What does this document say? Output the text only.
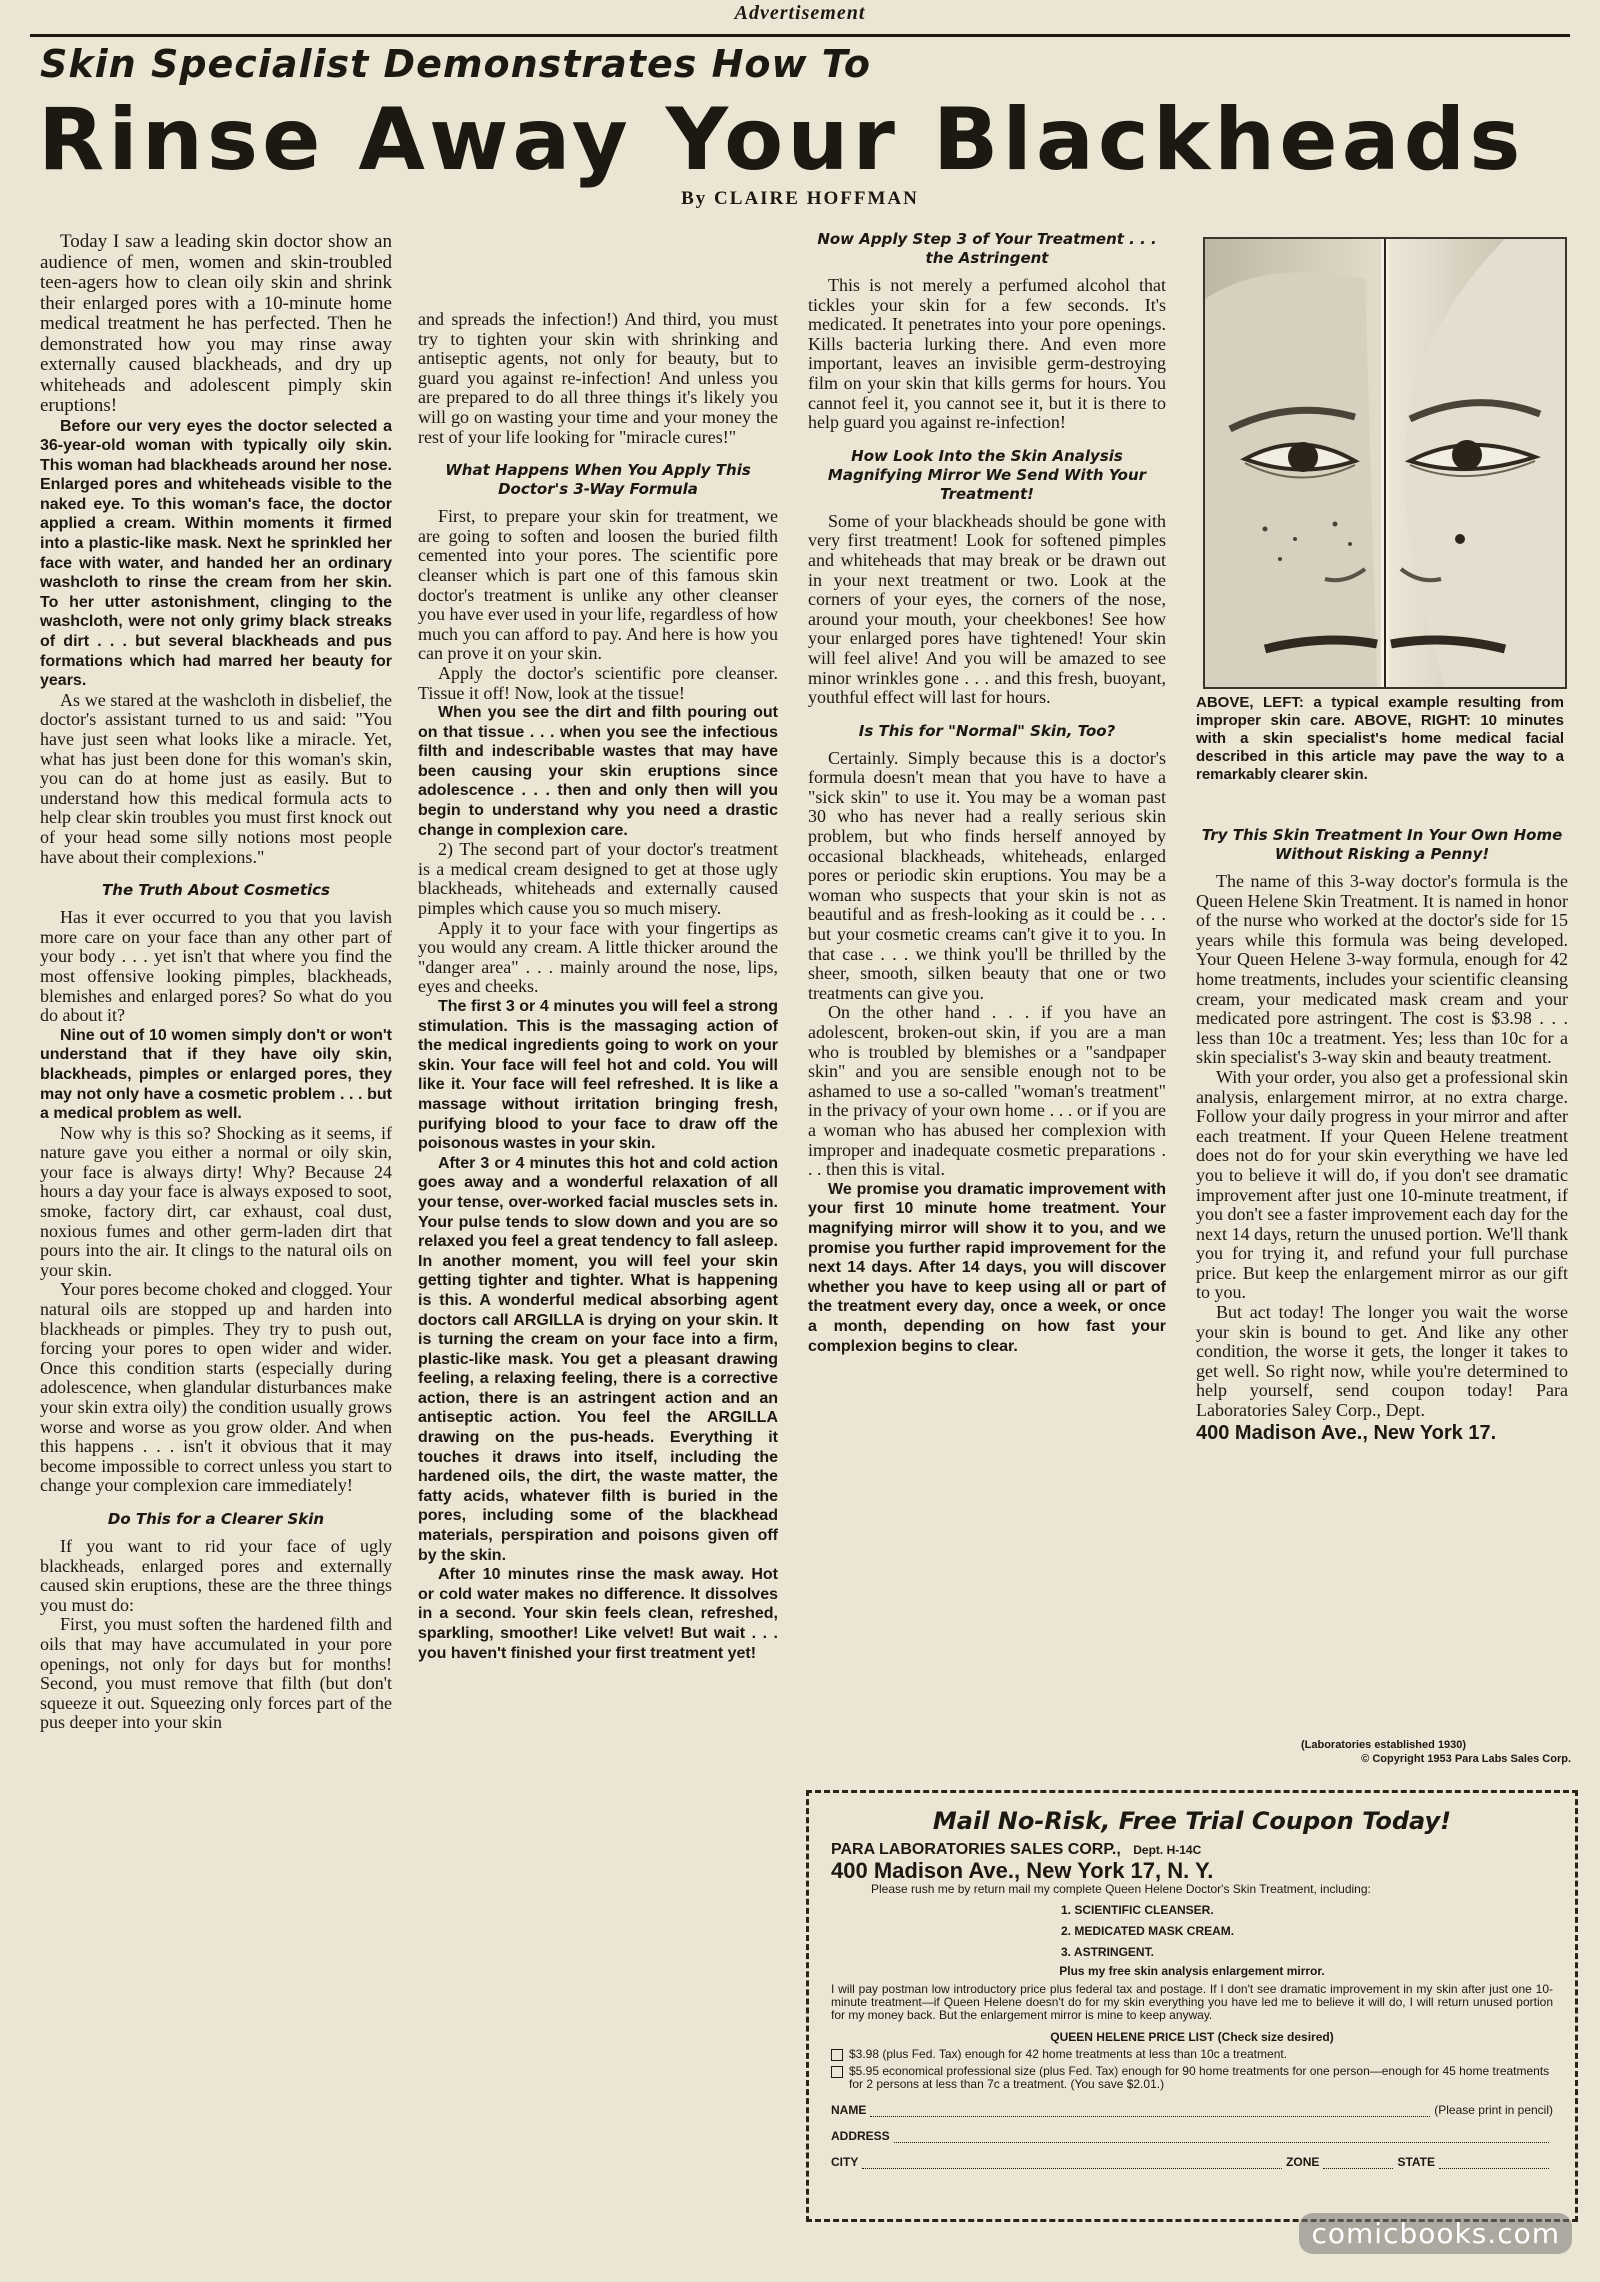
Advertisement
Skin Specialist Demonstrates How To
Rinse Away Your Blackheads
By CLAIRE HOFFMAN

Today I saw a leading skin doctor show an audience of men, women and skin-troubled teen-agers how to clean oily skin and shrink their enlarged pores with a 10-minute home medical treatment he has perfected. Then he demonstrated how you may rinse away externally caused blackheads, and dry up whiteheads and adolescent pimply skin eruptions!

Before our very eyes the doctor selected a 36-year-old woman with typically oily skin. This woman had blackheads around her nose. Enlarged pores and whiteheads visible to the naked eye. To this woman's face, the doctor applied a cream. Within moments it firmed into a plastic-like mask. Next he sprinkled her face with water, and handed her an ordinary washcloth to rinse the cream from her skin. To her utter astonishment, clinging to the washcloth, were not only grimy black streaks of dirt . . . but several blackheads and pus formations which had marred her beauty for years.

As we stared at the washcloth in disbelief, the doctor's assistant turned to us and said: "You have just seen what looks like a miracle. Yet, what has just been done for this woman's skin, you can do at home just as easily. But to understand how this medical formula acts to help clear skin troubles you must first knock out of your head some silly notions most people have about their complexions."

The Truth About Cosmetics

Has it ever occurred to you that you lavish more care on your face than any other part of your body . . . yet isn't that where you find the most offensive looking pimples, blackheads, blemishes and enlarged pores? So what do you do about it?

Nine out of 10 women simply don't or won't understand that if they have oily skin, blackheads, pimples or enlarged pores, they may not only have a cosmetic problem . . . but a medical problem as well.

Now why is this so? Shocking as it seems, if nature gave you either a normal or oily skin, your face is always dirty! Why? Because 24 hours a day your face is always exposed to soot, smoke, factory dirt, car exhaust, coal dust, noxious fumes and other germ-laden dirt that pours into the air. It clings to the natural oils on your skin.

Your pores become choked and clogged. Your natural oils are stopped up and harden into blackheads or pimples. They try to push out, forcing your pores to open wider and wider. Once this condition starts (especially during adolescence, when glandular disturbances make your skin extra oily) the condition usually grows worse and worse as you grow older. And when this happens . . . isn't it obvious that it may become impossible to correct unless you start to change your complexion care immediately!

Do This for a Clearer Skin

If you want to rid your face of ugly blackheads, enlarged pores and externally caused skin eruptions, these are the three things you must do:

First, you must soften the hardened filth and oils that may have accumulated in your pore openings, not only for days but for months! Second, you must remove that filth (but don't squeeze it out. Squeezing only forces part of the pus deeper into your skin

and spreads the infection!) And third, you must try to tighten your skin with shrinking and antiseptic agents, not only for beauty, but to guard you against re-infection! And unless you are prepared to do all three things it's likely you will go on wasting your time and your money the rest of your life looking for "miracle cures!"

What Happens When You Apply This Doctor's 3-Way Formula

First, to prepare your skin for treatment, we are going to soften and loosen the buried filth cemented into your pores. The scientific pore cleanser which is part one of this famous skin doctor's treatment is unlike any other cleanser you have ever used in your life, regardless of how much you can afford to pay. And here is how you can prove it on your skin.

Apply the doctor's scientific pore cleanser. Tissue it off! Now, look at the tissue!

When you see the dirt and filth pouring out on that tissue . . . when you see the infectious filth and indescribable wastes that may have been causing your skin eruptions since adolescence . . . then and only then will you begin to understand why you need a drastic change in complexion care.

2) The second part of your doctor's treatment is a medical cream designed to get at those ugly blackheads, whiteheads and externally caused pimples which cause you so much misery.

Apply it to your face with your fingertips as you would any cream. A little thicker around the "danger area" . . . mainly around the nose, lips, eyes and cheeks.

The first 3 or 4 minutes you will feel a strong stimulation. This is the massaging action of the medical ingredients going to work on your skin. Your face will feel hot and cold. You will like it. Your face will feel refreshed. It is like a massage without irritation bringing fresh, purifying blood to your face to draw off the poisonous wastes in your skin.

After 3 or 4 minutes this hot and cold action goes away and a wonderful relaxation of all your tense, over-worked facial muscles sets in. Your pulse tends to slow down and you are so relaxed you feel a great tendency to fall asleep. In another moment, you will feel your skin getting tighter and tighter. What is happening is this. A wonderful medical absorbing agent doctors call ARGILLA is drying on your skin. It is turning the cream on your face into a firm, plastic-like mask. You get a pleasant drawing feeling, a relaxing feeling, there is a corrective action, there is an astringent action and an antiseptic action. You feel the ARGILLA drawing on the pus-heads. Everything it touches it draws into itself, including the hardened oils, the dirt, the waste matter, the fatty acids, whatever filth is buried in the pores, including some of the blackhead materials, perspiration and poisons given off by the skin.

After 10 minutes rinse the mask away. Hot or cold water makes no difference. It dissolves in a second. Your skin feels clean, refreshed, sparkling, smoother! Like velvet! But wait . . . you haven't finished your first treatment yet!

Now Apply Step 3 of Your Treatment . . . the Astringent

This is not merely a perfumed alcohol that tickles your skin for a few seconds. It's medicated. It penetrates into your pore openings. Kills bacteria lurking there. And even more important, leaves an invisible germ-destroying film on your skin that kills germs for hours. You cannot feel it, you cannot see it, but it is there to help guard you against re-infection!

How Look Into the Skin Analysis Magnifying Mirror We Send With Your Treatment!

Some of your blackheads should be gone with very first treatment! Look for softened pimples and whiteheads that may break or be drawn out in your next treatment or two. Look at the corners of your eyes, the corners of the nose, around your mouth, your cheekbones! See how your enlarged pores have tightened! Your skin will feel alive! And you will be amazed to see minor wrinkles gone . . . and this fresh, buoyant, youthful effect will last for hours.

Is This for "Normal" Skin, Too?

Certainly. Simply because this is a doctor's formula doesn't mean that you have to have a "sick skin" to use it. You may be a woman past 30 who has never had a really serious skin problem, but who finds herself annoyed by occasional blackheads, whiteheads, enlarged pores or periodic skin eruptions. You may be a woman who suspects that your skin is not as beautiful and as fresh-looking as it could be . . . but your cosmetic creams can't give it to you. In that case . . . we think you'll be thrilled by the sheer, smooth, silken beauty that one or two treatments can give you.

On the other hand . . . if you have an adolescent, broken-out skin, if you are a man who is troubled by blemishes or a "sandpaper skin" and you are sensible enough not to be ashamed to use a so-called "woman's treatment" in the privacy of your own home . . . or if you are a woman who has abused her complexion with improper and inadequate cosmetic preparations . . . then this is vital.

We promise you dramatic improvement with your first 10 minute home treatment. Your magnifying mirror will show it to you, and we promise you further rapid improvement for the next 14 days. After 14 days, you will discover whether you have to keep using all or part of the treatment every day, once a week, or once a month, depending on how fast your complexion begins to clear.

ABOVE, LEFT: a typical example resulting from improper skin care. ABOVE, RIGHT: 10 minutes with a skin specialist's home medical facial described in this article may pave the way to a remarkably clearer skin.
Try This Skin Treatment In Your Own Home Without Risking a Penny!

The name of this 3-way doctor's formula is the Queen Helene Skin Treatment. It is named in honor of the nurse who worked at the doctor's side for 15 years while this formula was being developed. Your Queen Helene 3-way formula, enough for 42 home treatments, includes your scientific cleansing cream, your medicated mask cream and your medicated pore astringent. The cost is $3.98 . . . less than 10c a treatment. Yes; less than 10c for a skin specialist's 3-way skin and beauty treatment.

With your order, you also get a professional skin analysis, enlargement mirror, at no extra charge. Follow your daily progress in your mirror and after each treatment. If your Queen Helene treatment does not do for your skin everything we have led you to believe it will do, if you don't see dramatic improvement after just one 10-minute treatment, if you don't see a faster improvement each day for the next 14 days, return the unused portion. We'll thank you for trying it, and refund your full purchase price. But keep the enlargement mirror as our gift to you.

But act today! The longer you wait the worse your skin is bound to get. And like any other condition, the worse it gets, the longer it takes to get well. So right now, while you're determined to help yourself, send coupon today! Para Laboratories Saley Corp., Dept.

400 Madison Ave., New York 17.

(Laboratories established 1930)
© Copyright 1953 Para Labs Sales Corp.
Mail No-Risk, Free Trial Coupon Today!
PARA LABORATORIES SALES CORP., Dept. H-14C
400 Madison Ave., New York 17, N. Y.
Please rush me by return mail my complete Queen Helene Doctor's Skin Treatment, including:
1. SCIENTIFIC CLEANSER.
2. MEDICATED MASK CREAM.
3. ASTRINGENT.
Plus my free skin analysis enlargement mirror.
I will pay postman low introductory price plus federal tax and postage. If I don't see dramatic improvement in my skin after just one 10-minute treatment—if Queen Helene doesn't do for my skin everything you have led me to believe it will do, I will return unused portion for my money back. But the enlargement mirror is mine to keep anyway.
QUEEN HELENE PRICE LIST (Check size desired)
$3.98 (plus Fed. Tax) enough for 42 home treatments at less than 10c a treatment.
$5.95 economical professional size (plus Fed. Tax) enough for 90 home treatments for one person—enough for 45 home treatments for 2 persons at less than 7c a treatment. (You save $2.01.)
NAME	(Please print in pencil)
ADDRESS
CITY	ZONE	STATE
comicbooks.com
